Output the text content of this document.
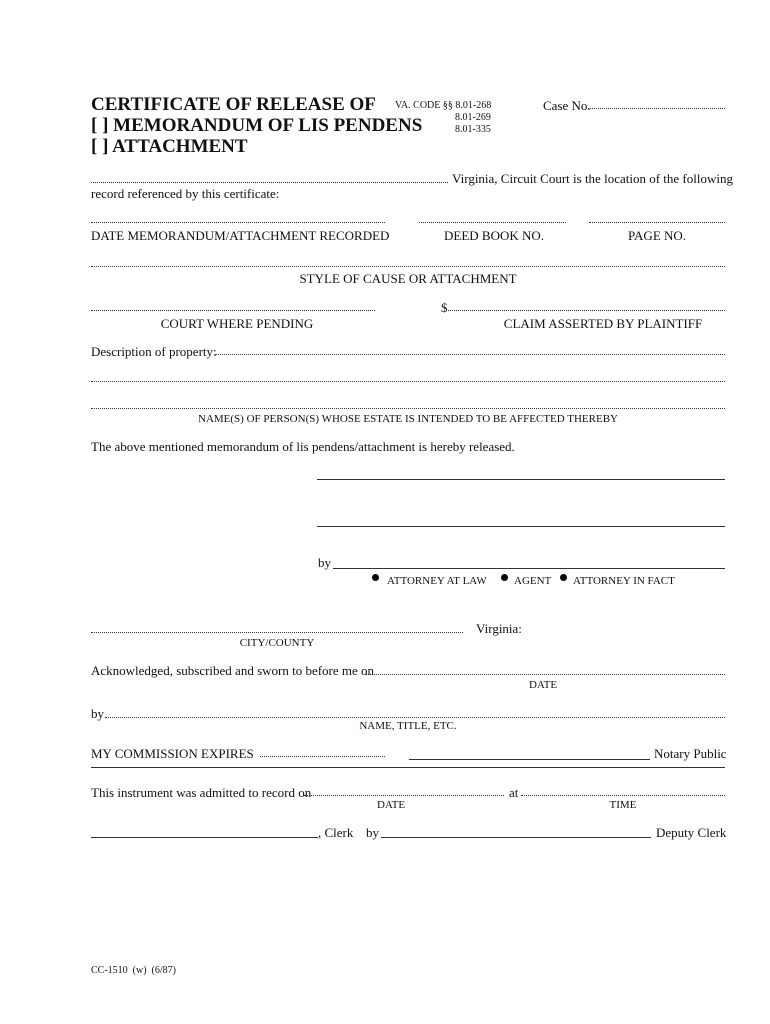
CERTIFICATE OF RELEASE OF
[ ] MEMORANDUM OF LIS PENDENS
[ ] ATTACHMENT
VA. CODE §§ 8.01-268
8.01-269
8.01-335
Case No.
Virginia, Circuit Court is the location of the following
record referenced by this certificate:
DATE MEMORANDUM/ATTACHMENT RECORDED	DEED BOOK NO.	PAGE NO.
STYLE OF CAUSE OR ATTACHMENT
$
COURT WHERE PENDING	CLAIM ASSERTED BY PLAINTIFF
Description of property:
NAME(S) OF PERSON(S) WHOSE ESTATE IS INTENDED TO BE AFFECTED THEREBY
The above mentioned memorandum of lis pendens/attachment is hereby released.
by
ATTORNEY AT LAW AGENT ATTORNEY IN FACT
Virginia:
CITY/COUNTY
Acknowledged, subscribed and sworn to before me on
DATE
by
NAME, TITLE, ETC.
MY COMMISSION EXPIRES	Notary Public
This instrument was admitted to record on	at
DATE	TIME
, Clerk by	Deputy Clerk
CC-1510  (w)  (6/87)
